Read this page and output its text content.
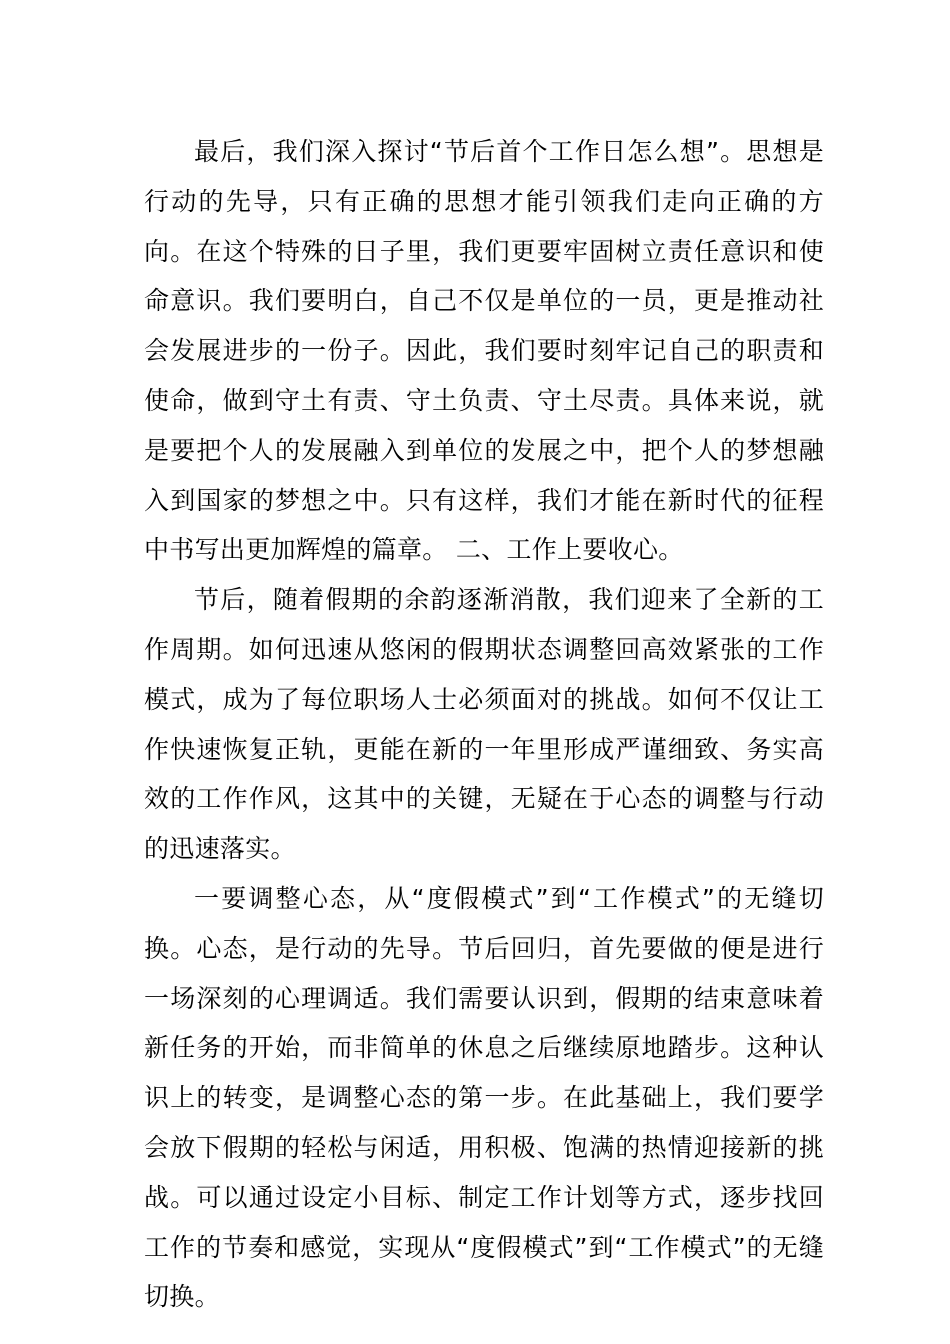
最后，我们深入探讨“节后首个工作日怎么想”。思想是行动的先导，只有正确的思想才能引领我们走向正确的方向。在这个特殊的日子里，我们更要牢固树立责任意识和使命意识。我们要明白，自己不仅是单位的一员，更是推动社会发展进步的一份子。因此，我们要时刻牢记自己的职责和使命，做到守土有责、守土负责、守土尽责。具体来说，就是要把个人的发展融入到单位的发展之中，把个人的梦想融入到国家的梦想之中。只有这样，我们才能在新时代的征程中书写出更加辉煌的篇章。 二、工作上要收心。

节后，随着假期的余韵逐渐消散，我们迎来了全新的工作周期。如何迅速从悠闲的假期状态调整回高效紧张的工作模式，成为了每位职场人士必须面对的挑战。如何不仅让工作快速恢复正轨，更能在新的一年里形成严谨细致、务实高效的工作作风，这其中的关键，无疑在于心态的调整与行动的迅速落实。

一要调整心态，从“度假模式”到“工作模式”的无缝切换。心态，是行动的先导。节后回归，首先要做的便是进行一场深刻的心理调适。我们需要认识到，假期的结束意味着新任务的开始，而非简单的休息之后继续原地踏步。这种认识上的转变，是调整心态的第一步。在此基础上，我们要学会放下假期的轻松与闲适，用积极、饱满的热情迎接新的挑战。可以通过设定小目标、制定工作计划等方式，逐步找回工作的节奏和感觉，实现从“度假模式”到“工作模式”的无缝切换。
